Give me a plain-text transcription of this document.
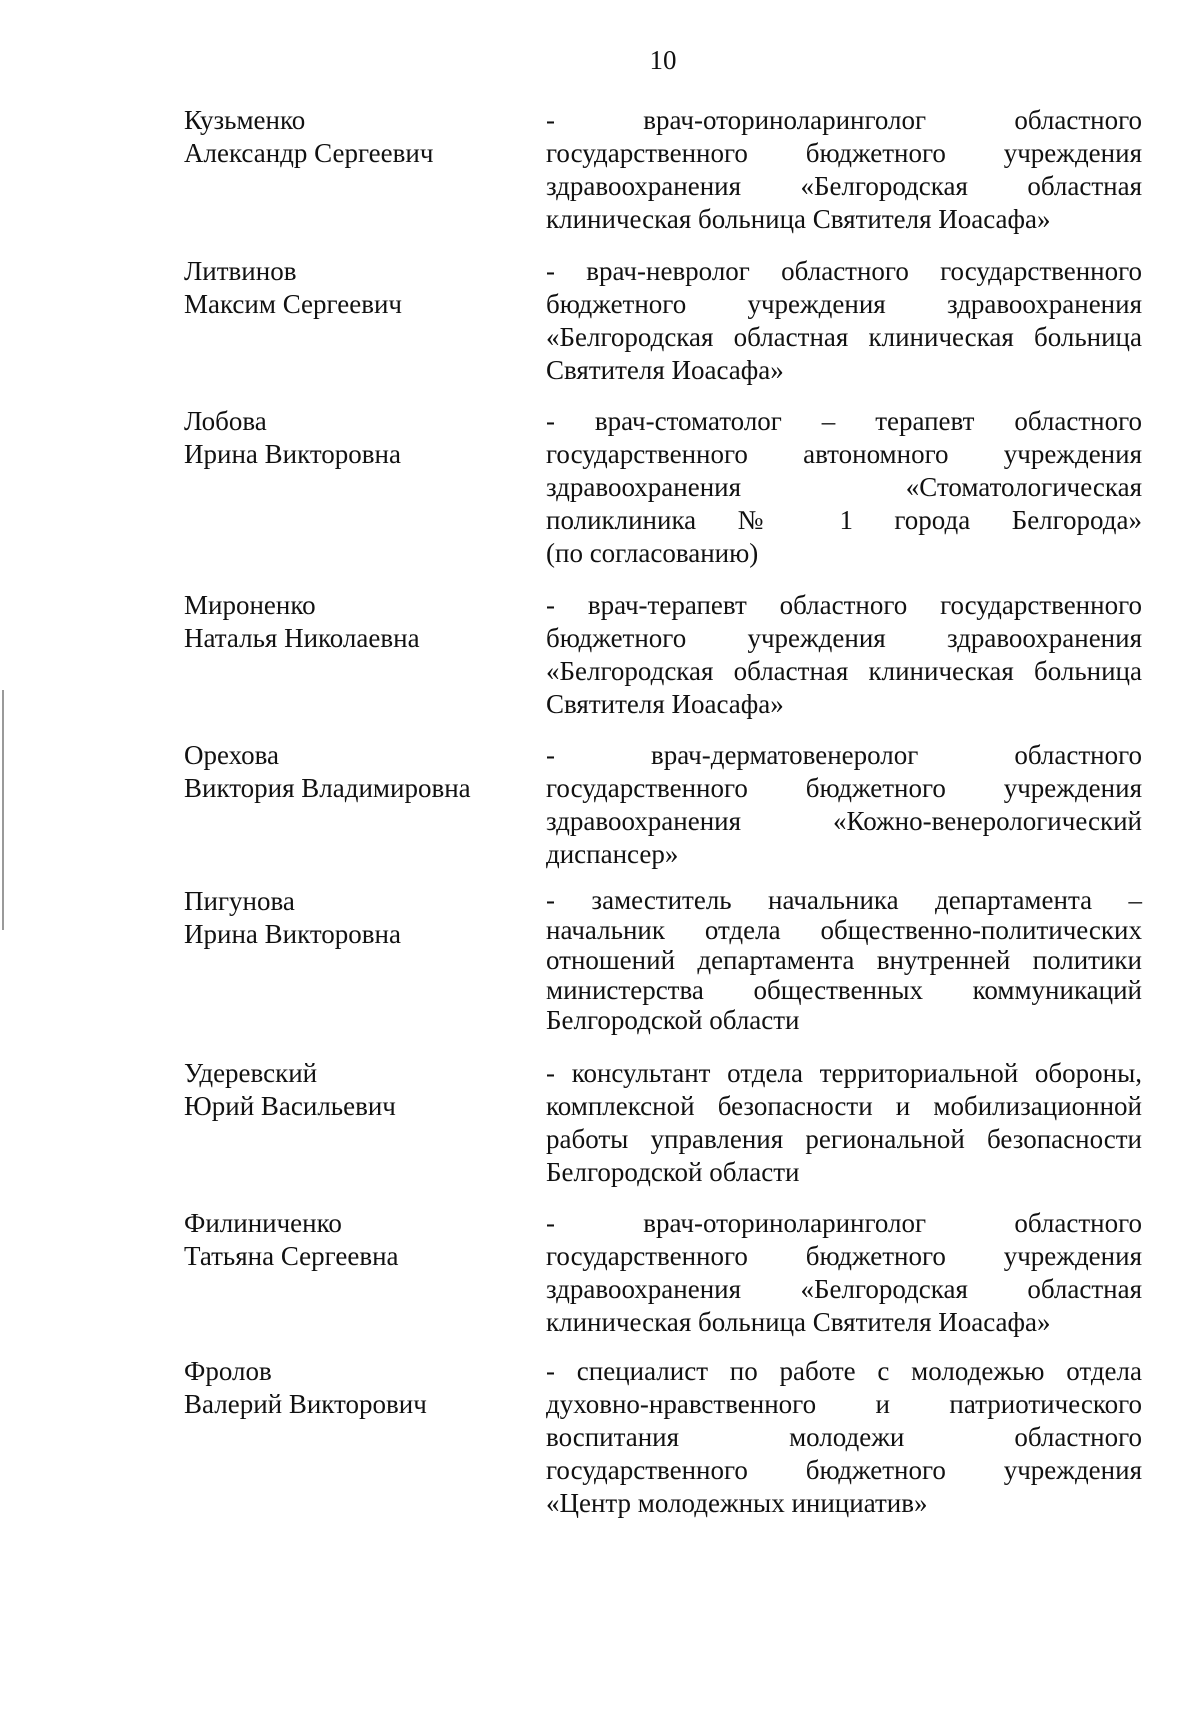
10
Кузьменко
Александр Сергеевич
- врач-оториноларинголог областного
государственного бюджетного учреждения
здравоохранения «Белгородская областная
клиническая больница Святителя Иоасафа»
Литвинов
Максим Сергеевич
- врач-невролог областного государственного
бюджетного учреждения здравоохранения
«Белгородская областная клиническая больница
Святителя Иоасафа»
Лобова
Ирина Викторовна
- врач-стоматолог – терапевт областного
государственного автономного учреждения
здравоохранения «Стоматологическая
поликлиника № 1 города Белгорода»
(по согласованию)
Мироненко
Наталья Николаевна
- врач-терапевт областного государственного
бюджетного учреждения здравоохранения
«Белгородская областная клиническая больница
Святителя Иоасафа»
Орехова
Виктория Владимировна
- врач-дерматовенеролог областного
государственного бюджетного учреждения
здравоохранения «Кожно-венерологический
диспансер»
Пигунова
Ирина Викторовна
- заместитель начальника департамента –
начальник отдела общественно-политических
отношений департамента внутренней политики
министерства общественных коммуникаций
Белгородской области
Удеревский
Юрий Васильевич
- консультант отдела территориальной обороны,
комплексной безопасности и мобилизационной
работы управления региональной безопасности
Белгородской области
Филиниченко
Татьяна Сергеевна
- врач-оториноларинголог областного
государственного бюджетного учреждения
здравоохранения «Белгородская областная
клиническая больница Святителя Иоасафа»
Фролов
Валерий Викторович
- специалист по работе с молодежью отдела
духовно-нравственного и патриотического
воспитания молодежи областного
государственного бюджетного учреждения
«Центр молодежных инициатив»
